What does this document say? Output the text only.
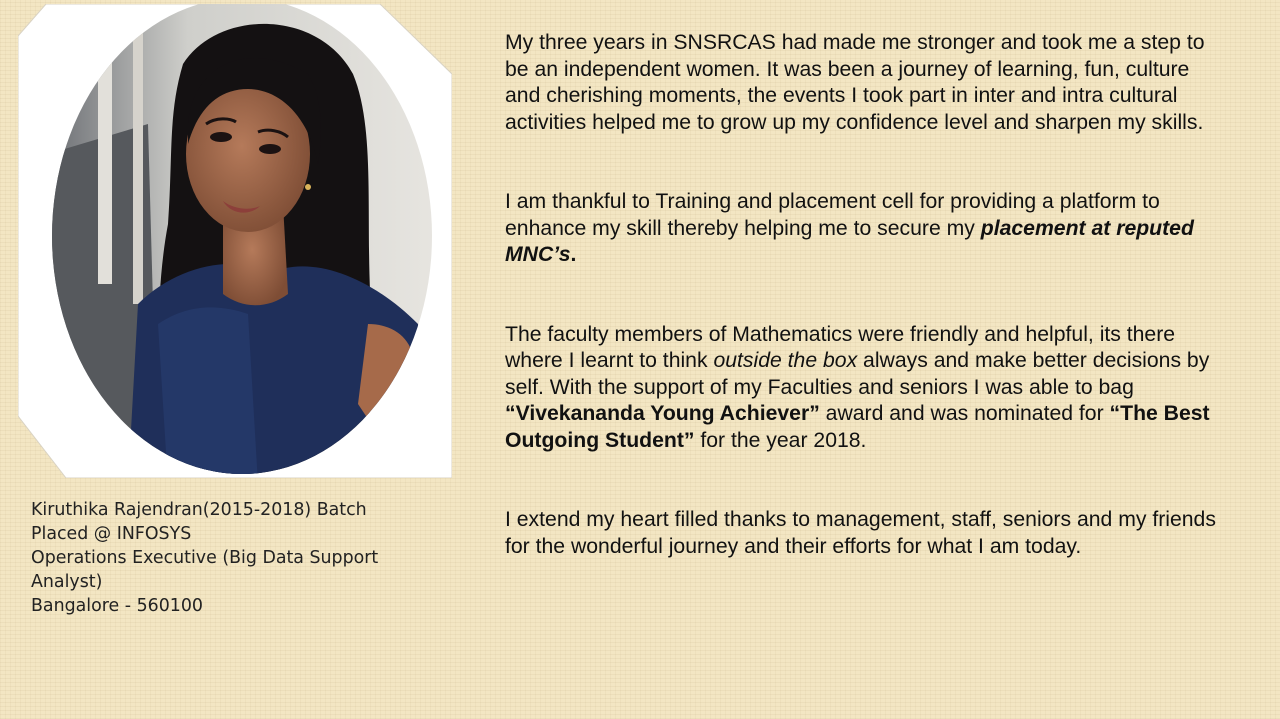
Kiruthika Rajendran(2015-2018) Batch
Placed @ INFOSYS
Operations Executive (Big Data Support Analyst)
Bangalore - 560100

My three years in SNSRCAS had made me stronger and took me a step to be an independent women. It was been a journey of learning, fun, culture and cherishing moments, the events I took part in inter and intra cultural activities helped me to grow up my confidence level and sharpen my skills.

I am thankful to Training and placement cell for providing a platform to enhance my skill thereby helping me to secure my placement at reputed MNC’s.

The faculty members of Mathematics were friendly and helpful, its there where I learnt to think outside the box always and make better decisions by self. With the support of my Faculties and seniors I was able to bag “Vivekananda Young Achiever” award and was nominated for “The Best Outgoing Student” for the year 2018.

I extend my heart filled thanks to management, staff, seniors and my friends for the wonderful journey and their efforts for what I am today.
